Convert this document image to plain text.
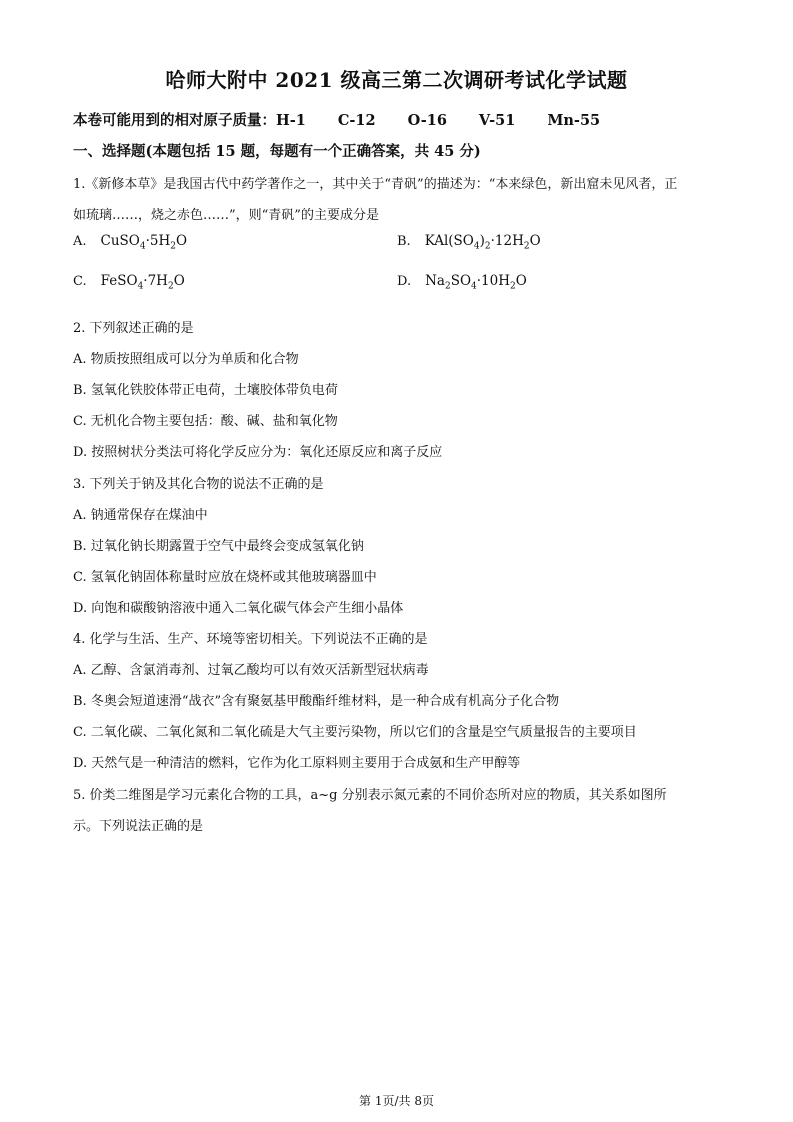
哈师大附中 2021 级高三第二次调研考试化学试题
本卷可能用到的相对原子质量：H-1 C-12 O-16 V-51 Mn-55
一、选择题(本题包括 15 题，每题有一个正确答案，共 45 分)
1.《新修本草》是我国古代中药学著作之一，其中关于“青矾”的描述为：“本来绿色，新出窟未见风者，正
如琉璃……，烧之赤色……”，则“青矾”的主要成分是
A. $CuSO_4\cdot 5H_2O$	B. $KAl(SO_4)_2\cdot 12H_2O$
C. $FeSO_4\cdot 7H_2O$	D. $Na_2SO_4\cdot 10H_2O$
2. 下列叙述正确的是
A. 物质按照组成可以分为单质和化合物
B. 氢氧化铁胶体带正电荷，土壤胶体带负电荷
C. 无机化合物主要包括：酸、碱、盐和氧化物
D. 按照树状分类法可将化学反应分为：氧化还原反应和离子反应
3. 下列关于钠及其化合物的说法不正确的是
A. 钠通常保存在煤油中
B. 过氧化钠长期露置于空气中最终会变成氢氧化钠
C. 氢氧化钠固体称量时应放在烧杯或其他玻璃器皿中
D. 向饱和碳酸钠溶液中通入二氧化碳气体会产生细小晶体
4. 化学与生活、生产、环境等密切相关。下列说法不正确的是
A. 乙醇、含氯消毒剂、过氧乙酸均可以有效灭活新型冠状病毒
B. 冬奥会短道速滑“战衣”含有聚氨基甲酸酯纤维材料，是一种合成有机高分子化合物
C. 二氧化碳、二氧化氮和二氧化硫是大气主要污染物，所以它们的含量是空气质量报告的主要项目
D. 天然气是一种清洁的燃料，它作为化工原料则主要用于合成氨和生产甲醇等
5. 价类二维图是学习元素化合物的工具，a~g 分别表示氮元素的不同价态所对应的物质，其关系如图所
示。下列说法正确的是
第 1页/共 8页
